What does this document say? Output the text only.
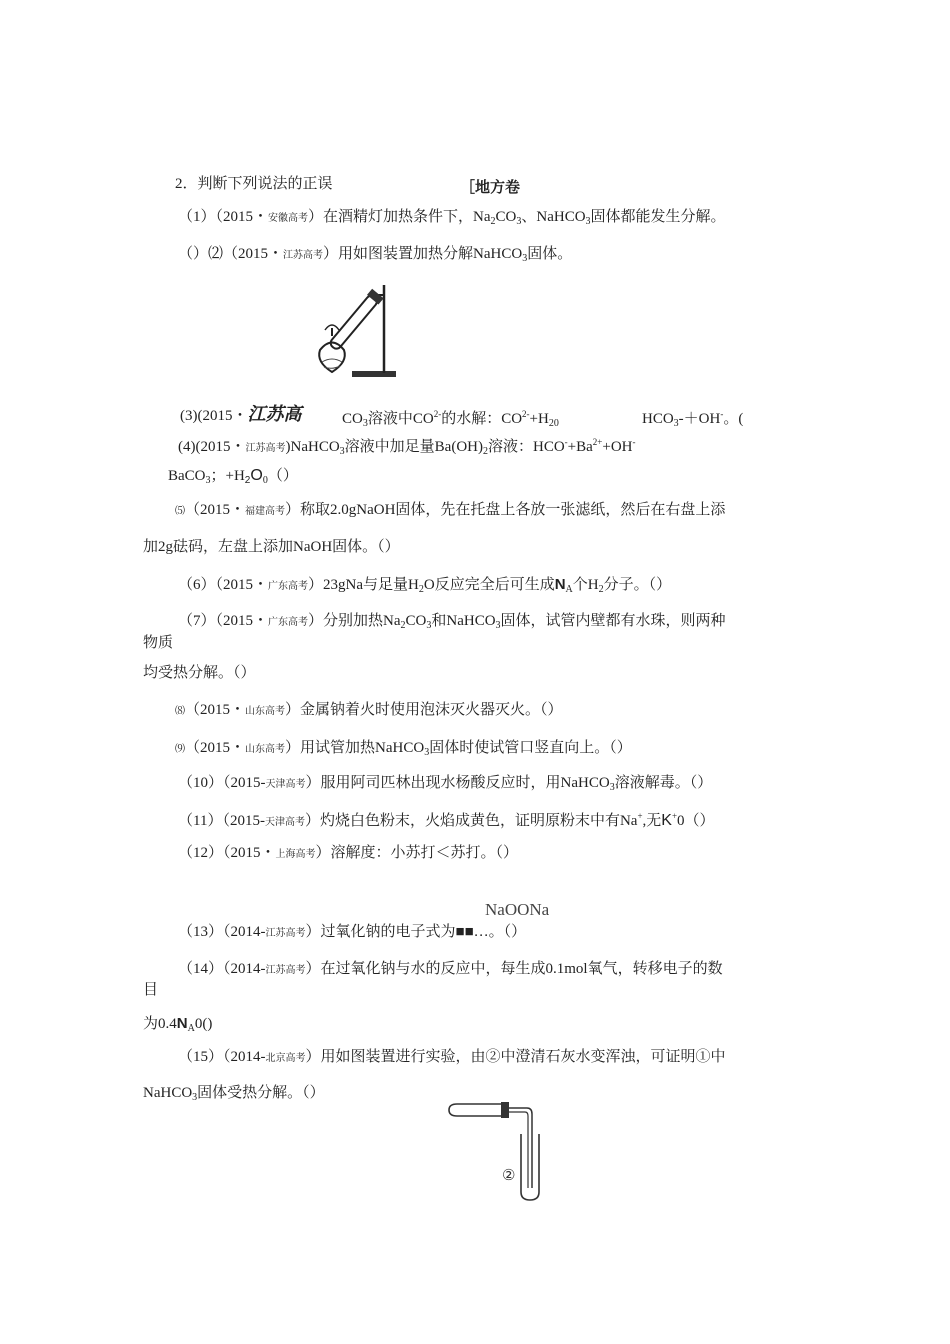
2．判断下列说法的正误	［地方卷
（1）（2015・安徽高考）在酒精灯加热条件下，$Na_2CO_3$、NaHCO$_3$固体都能发生分解。
（）⑵（2015・江苏高考）用如图装置加热分解NaHCO$_3$固体。
(3)(2015・江苏高	$CO_3$溶液中$CO^{2-}$的水解：$CO^{2-}+H_{20}$	$HCO_3-+OH^-$。(
(4)(2015・江苏高考)NaHCO$_3$溶液中加足量$Ba(OH)_2$溶液：$HCO^-+Ba^{2+}+OH^-$
BaCO$_3$；$+H_2O_0()$
⑸（2015・福建高考）称取2.0gNaOH固体，先在托盘上各放一张滤纸，然后在右盘上添
加2g砝码，左盘上添加NaOH固体。（）
（6）（2015・广东高考）23gNa与足量$H_2O$反应完全后可生成$N_A$个$H_2$分子。（）
（7）（2015・广东高考）分别加热$Na_2CO_3$和NaHCO$_3$固体，试管内壁都有水珠，则两种
物质
均受热分解。（）
⑻（2015・山东高考）金属钠着火时使用泡沫灭火器灭火。（）
⑼（2015・山东高考）用试管加热NaHCO$_3$固体时使试管口竖直向上。（）
（10）（2015-天津高考）服用阿司匹林出现水杨酸反应时，用NaHCO$_3$溶液解毒。（）
（11）（2015-天津高考）灼烧白色粉末，火焰成黄色，证明原粉末中有Na+,无K+0（）
（12）（2015・上海高考）溶解度：小苏打＜苏打。（）
NaOONa
（13）（2014-江苏高考）过氧化钠的电子式为■■…。（）
（14）（2014-江苏高考）在过氧化钠与水的反应中，每生成0.1mol氧气，转移电子的数
目
为$0.4N_A0()$
（15）（2014-北京高考）用如图装置进行实验，由②中澄清石灰水变浑浊，可证明①中
NaHCO$_3$固体受热分解。（）
②
